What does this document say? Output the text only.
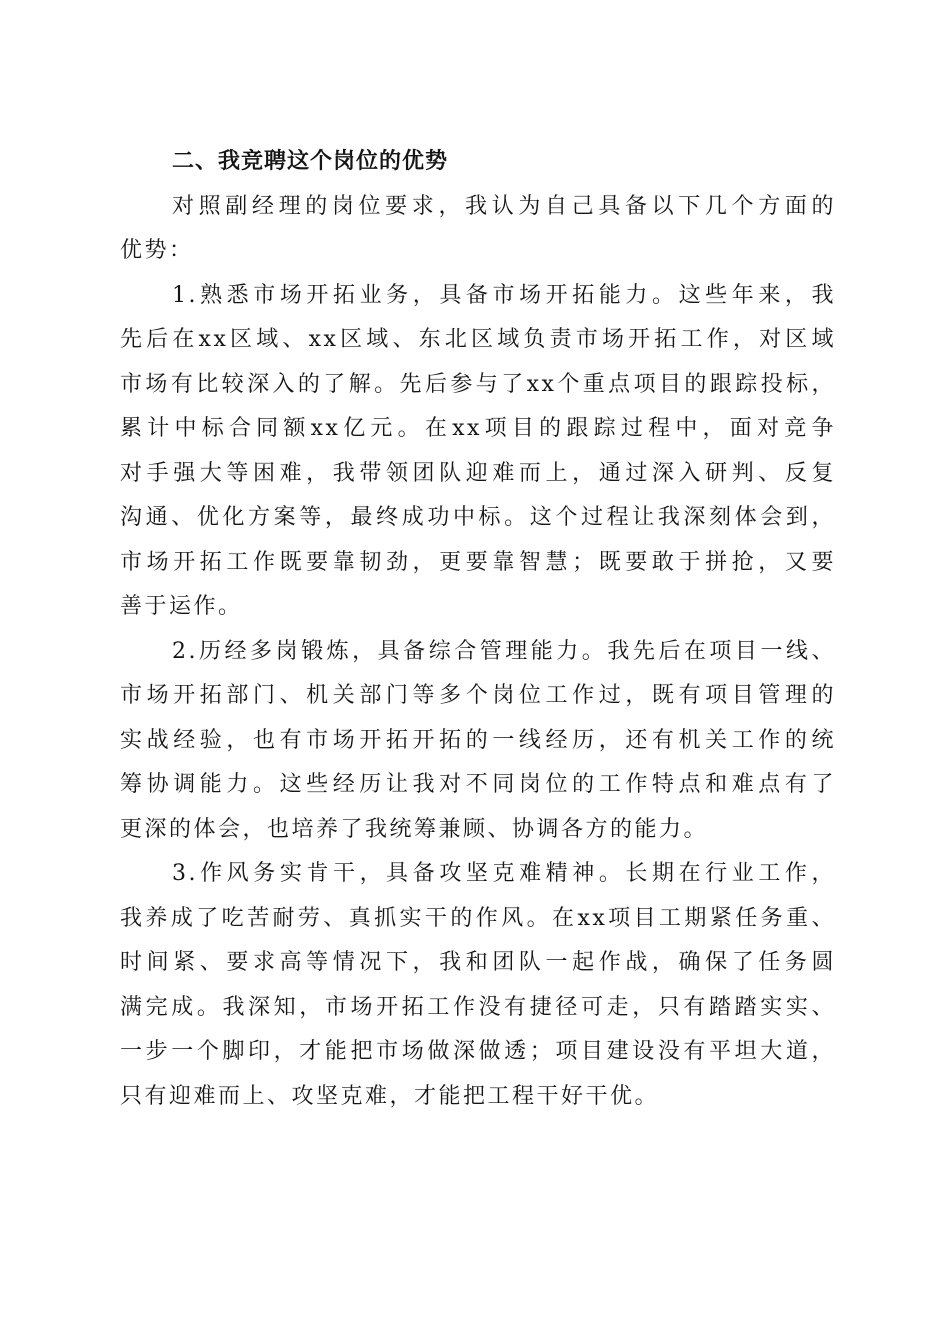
二、我竞聘这个岗位的优势
对照副经理的岗位要求，我认为自己具备以下几个方面的
优势：
1.熟悉市场开拓业务，具备市场开拓能力。这些年来，我
先后在xx区域、xx区域、东北区域负责市场开拓工作，对区域
市场有比较深入的了解。先后参与了xx个重点项目的跟踪投标，
累计中标合同额xx亿元。在xx项目的跟踪过程中，面对竞争
对手强大等困难，我带领团队迎难而上，通过深入研判、反复
沟通、优化方案等，最终成功中标。这个过程让我深刻体会到，
市场开拓工作既要靠韧劲，更要靠智慧；既要敢于拼抢，又要
善于运作。
2.历经多岗锻炼，具备综合管理能力。我先后在项目一线、
市场开拓部门、机关部门等多个岗位工作过，既有项目管理的
实战经验，也有市场开拓开拓的一线经历，还有机关工作的统
筹协调能力。这些经历让我对不同岗位的工作特点和难点有了
更深的体会，也培养了我统筹兼顾、协调各方的能力。
3.作风务实肯干，具备攻坚克难精神。长期在行业工作，
我养成了吃苦耐劳、真抓实干的作风。在xx项目工期紧任务重、
时间紧、要求高等情况下，我和团队一起作战，确保了任务圆
满完成。我深知，市场开拓工作没有捷径可走，只有踏踏实实、
一步一个脚印，才能把市场做深做透；项目建设没有平坦大道，
只有迎难而上、攻坚克难，才能把工程干好干优。
